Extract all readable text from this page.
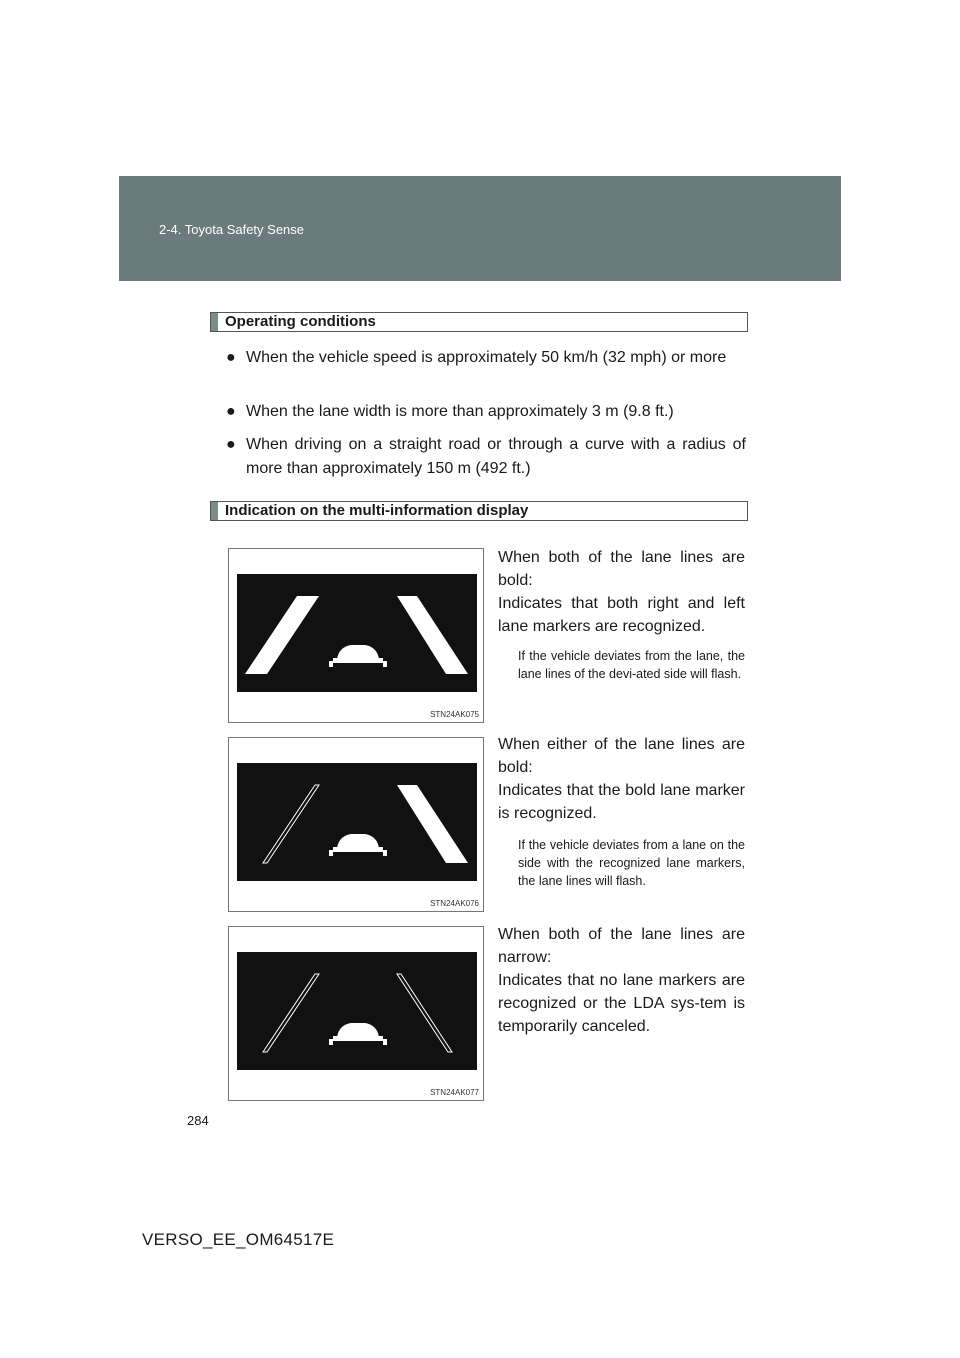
2-4. Toyota Safety Sense
Operating conditions
● When the vehicle speed is approximately 50 km/h (32 mph) or more
● When the lane width is more than approximately 3 m (9.8 ft.)
● When driving on a straight road or through a curve with a radius of more than approximately 150 m (492 ft.)
Indication on the multi-information display
STN24AK075
When both of the lane lines are bold:
Indicates that both right and left lane markers are recognized.
If the vehicle deviates from the lane, the lane lines of the devi-ated side will flash.
STN24AK076
When either of the lane lines are bold:
Indicates that the bold lane marker is recognized.
If the vehicle deviates from a lane on the side with the recognized lane markers, the lane lines will flash.
STN24AK077
When both of the lane lines are narrow:
Indicates that no lane markers are recognized or the LDA sys-tem is temporarily canceled.
284
VERSO_EE_OM64517E
